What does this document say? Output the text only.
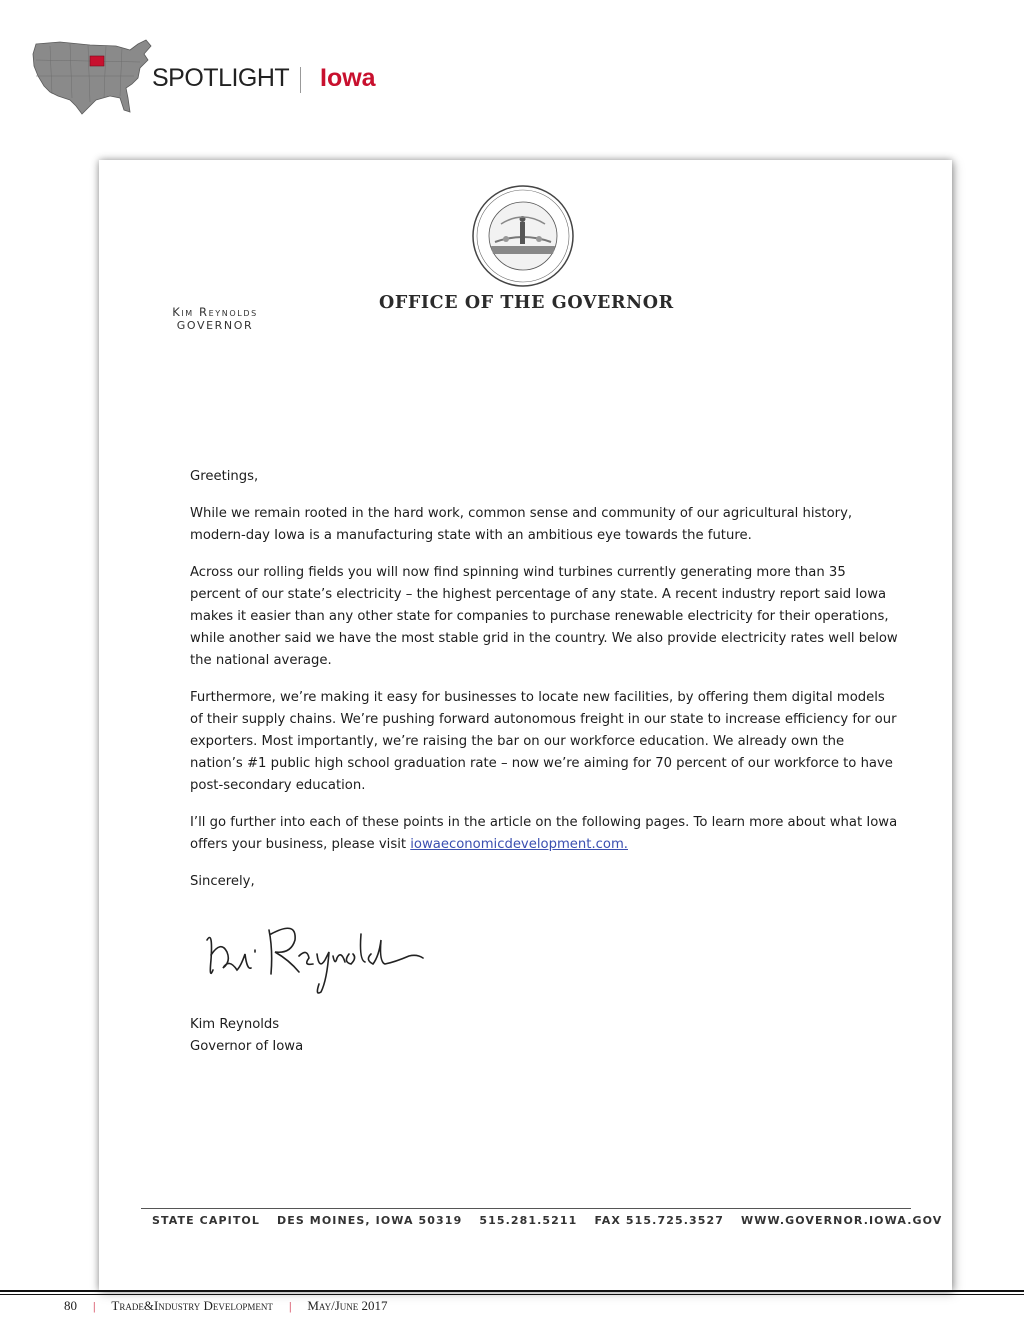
SPOTLIGHT Iowa
Kim Reynolds
GOVERNOR
OFFICE OF THE GOVERNOR

Greetings,

While we remain rooted in the hard work, common sense and community of our agricultural history, modern-day Iowa is a manufacturing state with an ambitious eye towards the future.

Across our rolling fields you will now find spinning wind turbines currently generating more than 35 percent of our state’s electricity – the highest percentage of any state. A recent industry report said Iowa makes it easier than any other state for companies to purchase renewable electricity for their operations, while another said we have the most stable grid in the country. We also provide electricity rates well below the national average.

Furthermore, we’re making it easy for businesses to locate new facilities, by offering them digital models of their supply chains. We’re pushing forward autonomous freight in our state to increase efficiency for our exporters. Most importantly, we’re raising the bar on our workforce education. We already own the nation’s #1 public high school graduation rate – now we’re aiming for 70 percent of our workforce to have post-secondary education.

I’ll go further into each of these points in the article on the following pages. To learn more about what Iowa offers your business, please visit iowaeconomicdevelopment.com.

Sincerely,

Kim Reynolds
Governor of Iowa
STATE CAPITOL DES MOINES, IOWA 50319 515.281.5211 FAX 515.725.3527 WWW.GOVERNOR.IOWA.GOV
80 | Trade&Industry Development | May/June 2017
